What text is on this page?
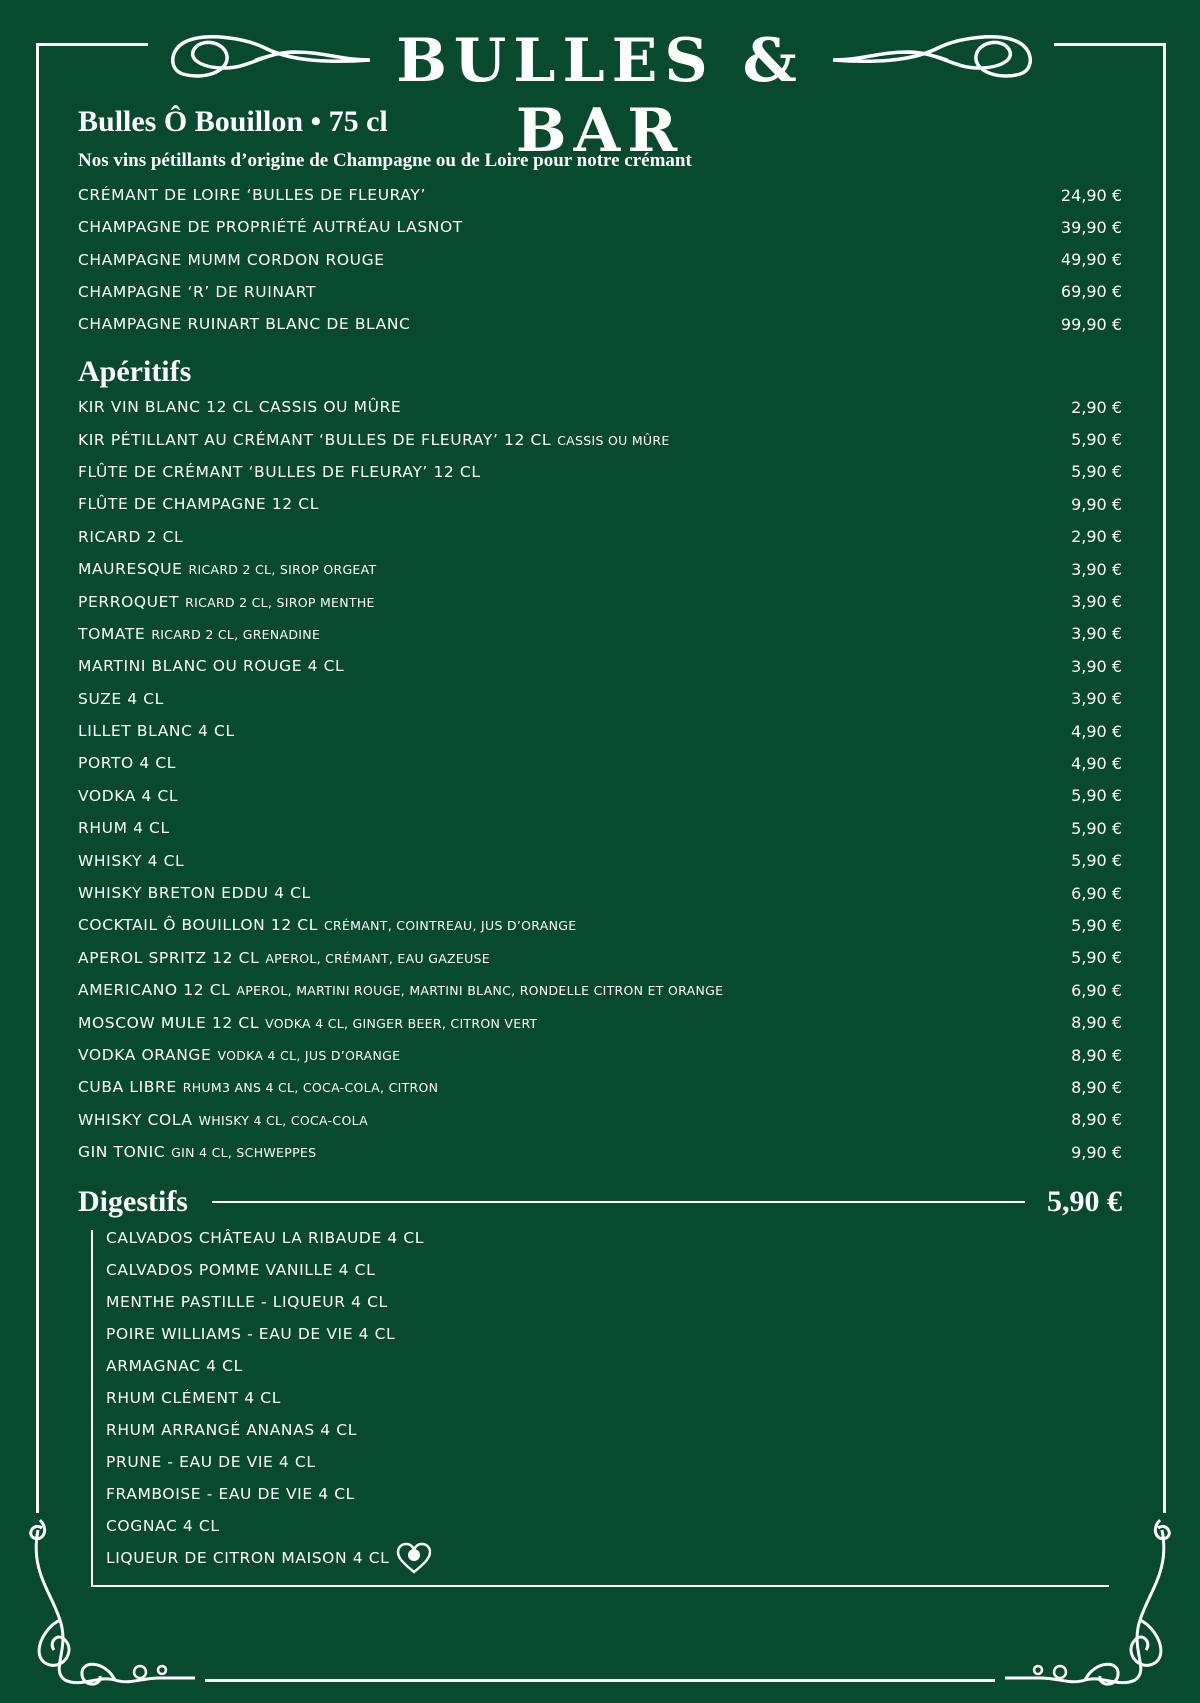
BULLES & BAR
Bulles Ô Bouillon • 75 cl

Nos vins pétillants d’origine de Champagne ou de Loire pour notre crémant

CRÉMANT DE LOIRE ‘BULLES DE FLEURAY’	24,90 €
CHAMPAGNE DE PROPRIÉTÉ AUTRÉAU LASNOT	39,90 €
CHAMPAGNE MUMM CORDON ROUGE	49,90 €
CHAMPAGNE ‘R’ DE RUINART	69,90 €
CHAMPAGNE RUINART BLANC DE BLANC	99,90 €
Apéritifs
KIR VIN BLANC 12 CL CASSIS OU MÛRE	2,90 €
KIR PÉTILLANT AU CRÉMANT ‘BULLES DE FLEURAY’ 12 CL CASSIS OU MÛRE	5,90 €
FLÛTE DE CRÉMANT ‘BULLES DE FLEURAY’ 12 CL	5,90 €
FLÛTE DE CHAMPAGNE 12 CL	9,90 €
RICARD 2 CL	2,90 €
MAURESQUE RICARD 2 CL, SIROP ORGEAT	3,90 €
PERROQUET RICARD 2 CL, SIROP MENTHE	3,90 €
TOMATE RICARD 2 CL, GRENADINE	3,90 €
MARTINI BLANC OU ROUGE 4 CL	3,90 €
SUZE 4 CL	3,90 €
LILLET BLANC 4 CL	4,90 €
PORTO 4 CL	4,90 €
VODKA 4 CL	5,90 €
RHUM 4 CL	5,90 €
WHISKY 4 CL	5,90 €
WHISKY BRETON EDDU 4 CL	6,90 €
COCKTAIL Ô BOUILLON 12 CL CRÉMANT, COINTREAU, JUS D’ORANGE	5,90 €
APEROL SPRITZ 12 CL APEROL, CRÉMANT, EAU GAZEUSE	5,90 €
AMERICANO 12 CL APEROL, MARTINI ROUGE, MARTINI BLANC, RONDELLE CITRON ET ORANGE	6,90 €
MOSCOW MULE 12 CL VODKA 4 CL, GINGER BEER, CITRON VERT	8,90 €
VODKA ORANGE VODKA 4 CL, JUS D’ORANGE	8,90 €
CUBA LIBRE RHUM3 ANS 4 CL, COCA-COLA, CITRON	8,90 €
WHISKY COLA WHISKY 4 CL, COCA-COLA	8,90 €
GIN TONIC GIN 4 CL, SCHWEPPES	9,90 €
Digestifs	5,90 €
CALVADOS CHÂTEAU LA RIBAUDE 4 CL
CALVADOS POMME VANILLE 4 CL
MENTHE PASTILLE - LIQUEUR 4 CL
POIRE WILLIAMS - EAU DE VIE 4 CL
ARMAGNAC 4 CL
RHUM CLÉMENT 4 CL
RHUM ARRANGÉ ANANAS 4 CL
PRUNE - EAU DE VIE 4 CL
FRAMBOISE - EAU DE VIE 4 CL
COGNAC 4 CL
LIQUEUR DE CITRON MAISON 4 CL
